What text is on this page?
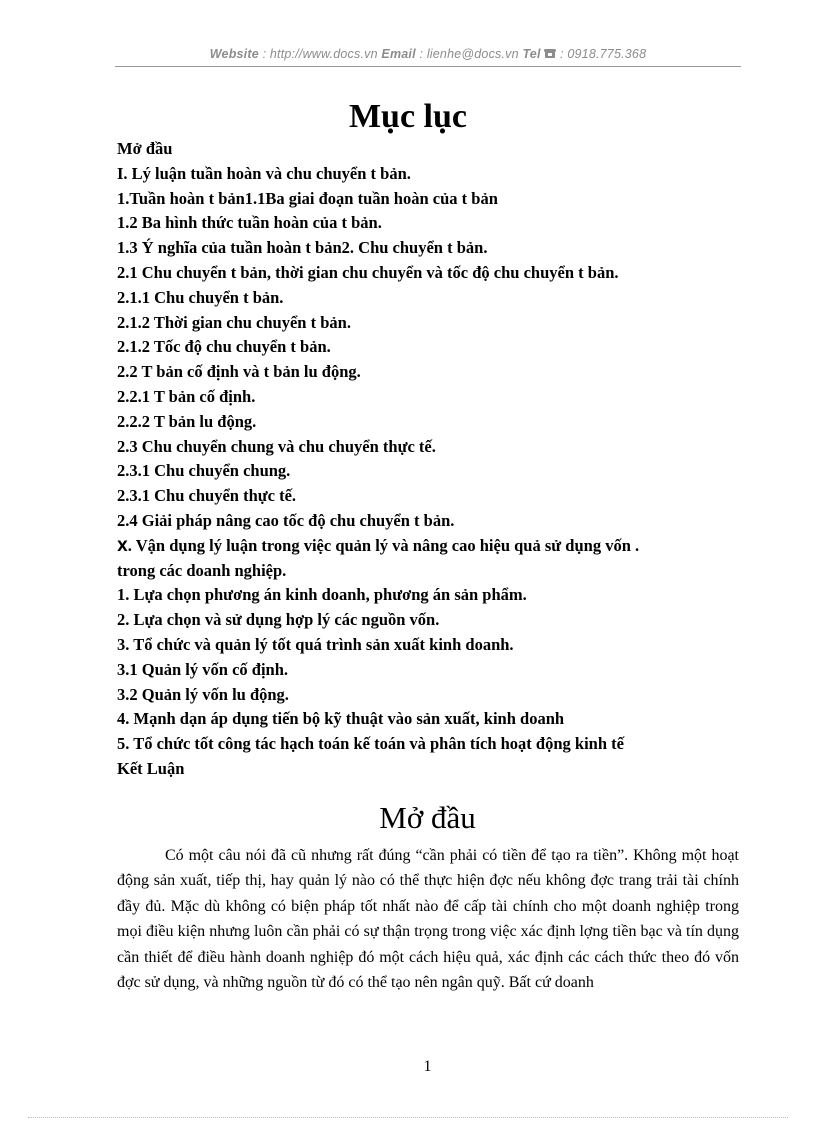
Website : http://www.docs.vn Email : lienhe@docs.vn Tel : 0918.775.368
Mục lục
Mở đầu
I. Lý luận tuần hoàn và chu chuyển t bản.
1.Tuần hoàn t bản1.1Ba giai đoạn tuần hoàn của t bản
1.2 Ba hình thức tuần hoàn của t bản.
1.3 Ý nghĩa của tuần hoàn t bản2. Chu chuyển t bản.
2.1 Chu chuyển t bản, thời gian chu chuyển và tốc độ chu chuyển t bản.
2.1.1 Chu chuyển t bản.
2.1.2 Thời gian chu chuyển t bản.
2.1.2 Tốc độ chu chuyển t bản.
2.2 T bản cố định và t bản lu động.
2.2.1 T bản cố định.
2.2.2 T bản lu động.
2.3 Chu chuyển chung và chu chuyển thực tế.
2.3.1 Chu chuyển chung.
2.3.1 Chu chuyển thực tế.
2.4 Giải pháp nâng cao tốc độ chu chuyển t bản.
X. Vận dụng lý luận trong việc quản lý và nâng cao hiệu quả sử dụng vốn .
trong các doanh nghiệp.
1. Lựa chọn phương án kinh doanh, phương án sản phẩm.
2. Lựa chọn và sử dụng hợp lý các nguồn vốn.
3. Tổ chức và quản lý tốt quá trình sản xuất kinh doanh.
3.1 Quản lý vốn cố định.
3.2 Quản lý vốn lu động.
4. Mạnh dạn áp dụng tiến bộ kỹ thuật vào sản xuất, kinh doanh
5. Tổ chức tốt công tác hạch toán kế toán và phân tích hoạt động kinh tế
Kết Luận
Mở đầu

Có một câu nói đã cũ nhưng rất đúng “cần phải có tiền để tạo ra tiền”. Không một hoạt động sản xuất, tiếp thị, hay quản lý nào có thể thực hiện đợc nếu không đợc trang trải tài chính đầy đủ. Mặc dù không có biện pháp tốt nhất nào để cấp tài chính cho một doanh nghiệp trong mọi điều kiện nhưng luôn cần phải có sự thận trọng trong việc xác định lợng tiền bạc và tín dụng cần thiết để điều hành doanh nghiệp đó một cách hiệu quả, xác định các cách thức theo đó vốn đợc sử dụng, và những nguồn từ đó có thể tạo nên ngân quỹ. Bất cứ doanh

1
